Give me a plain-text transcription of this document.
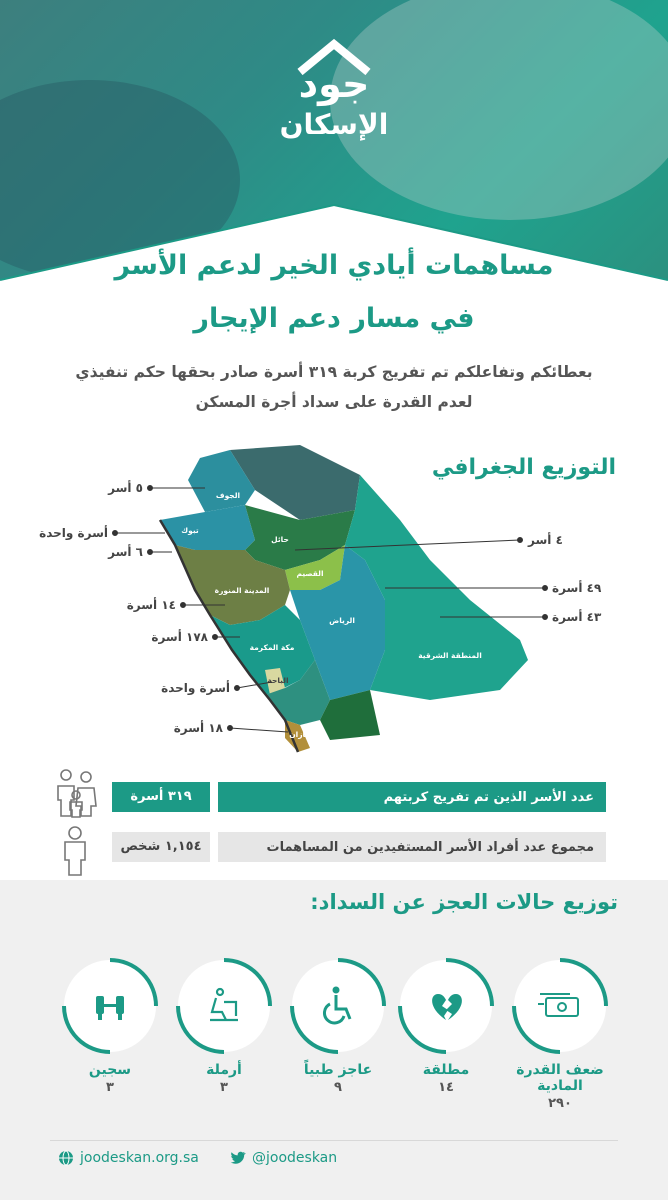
جود
الإسكان
مساهمات أيادي الخير لدعم الأسر
في مسار دعم الإيجار
بعطائكم وتفاعلكم تم تفريج كربة ٣١٩ أسرة صادر بحقها حكم تنفيذي
لعدم القدرة على سداد أجرة المسكن
الجوف
تبوك
حائل
القصيم
المدينة المنورة
الرياض
المنطقة الشرقية
مكة المكرمة
الباحة
جازان
٥ أسر
أسرة واحدة
٦ أسر
١٤ أسرة
١٧٨ أسرة
أسرة واحدة
١٨ أسرة
٤ أسر
٤٩ أسرة
٤٣ أسرة
التوزيع الجغرافي
عدد الأسر الذين تم تفريج كربتهم
٣١٩ أسرة
مجموع عدد أفراد الأسر المستفيدين من المساهمات
١,١٥٤ شخص
توزيع حالات العجز عن السداد:
ضعف القدرة المادية
٢٩٠
مطلقة
١٤
عاجز طبياً
٩
أرملة
٣
سجين
٣
joodeskan.org.sa	@joodeskan
